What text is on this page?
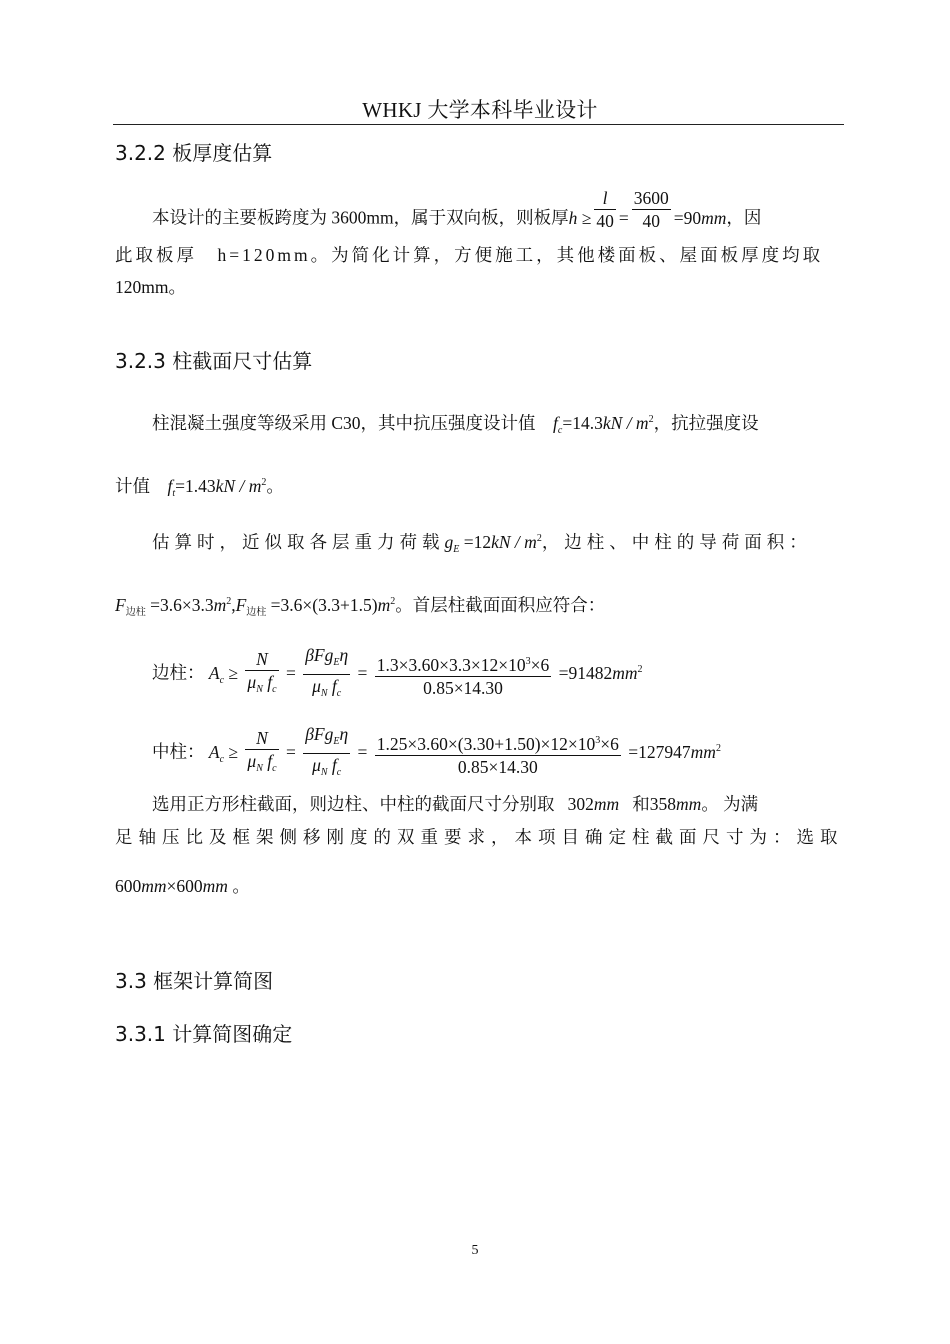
WHKJ 大学本科毕业设计
3.2.2 板厚度估算
本设计的主要板跨度为 3600mm，属于双向板，则板厚$h \ge \frac{l}{40} = \frac{3600}{40} =90mm$，因
此取板厚　h=120mm。为简化计算，方便施工，其他楼面板、屋面板厚度均取
120mm。
3.2.3 柱截面尺寸估算
柱混凝土强度等级采用 C30，其中抗压强度设计值 $f_c=14.3kN / m^2$，抗拉强度设
计值 $f_t=1.43kN / m^2$。
估算时，近似取各层重力荷载$g_E =12kN / m^2$，边柱、中柱的导荷面积：
$F_{边柱} =3.6\times 3.3m^2,F_{边柱} =3.6\times(3.3+1.5)m^2$。首层柱截面面积应符合：
边柱： $A_c \ge \frac{N}{\mu_N f_c} = \frac{\beta Fg_E\eta}{\mu_N f_c} = \frac{1.3\times 3.60\times 3.3\times 12\times 10^3\times 6}{0.85\times 14.30} =91482mm^2$
中柱： $A_c \ge \frac{N}{\mu_N f_c} = \frac{\beta Fg_E\eta}{\mu_N f_c} = \frac{1.25\times 3.60\times(3.30+1.50)\times 12\times 10^3\times 6}{0.85\times 14.30} =127947mm^2$
选用正方形柱截面，则边柱、中柱的截面尺寸分别取 302mm 和358mm。 为满
足轴压比及框架侧移刚度的双重要求，本项目确定柱截面尺寸为：选取
600mm×600mm 。
3.3 框架计算简图
3.3.1 计算简图确定
5
